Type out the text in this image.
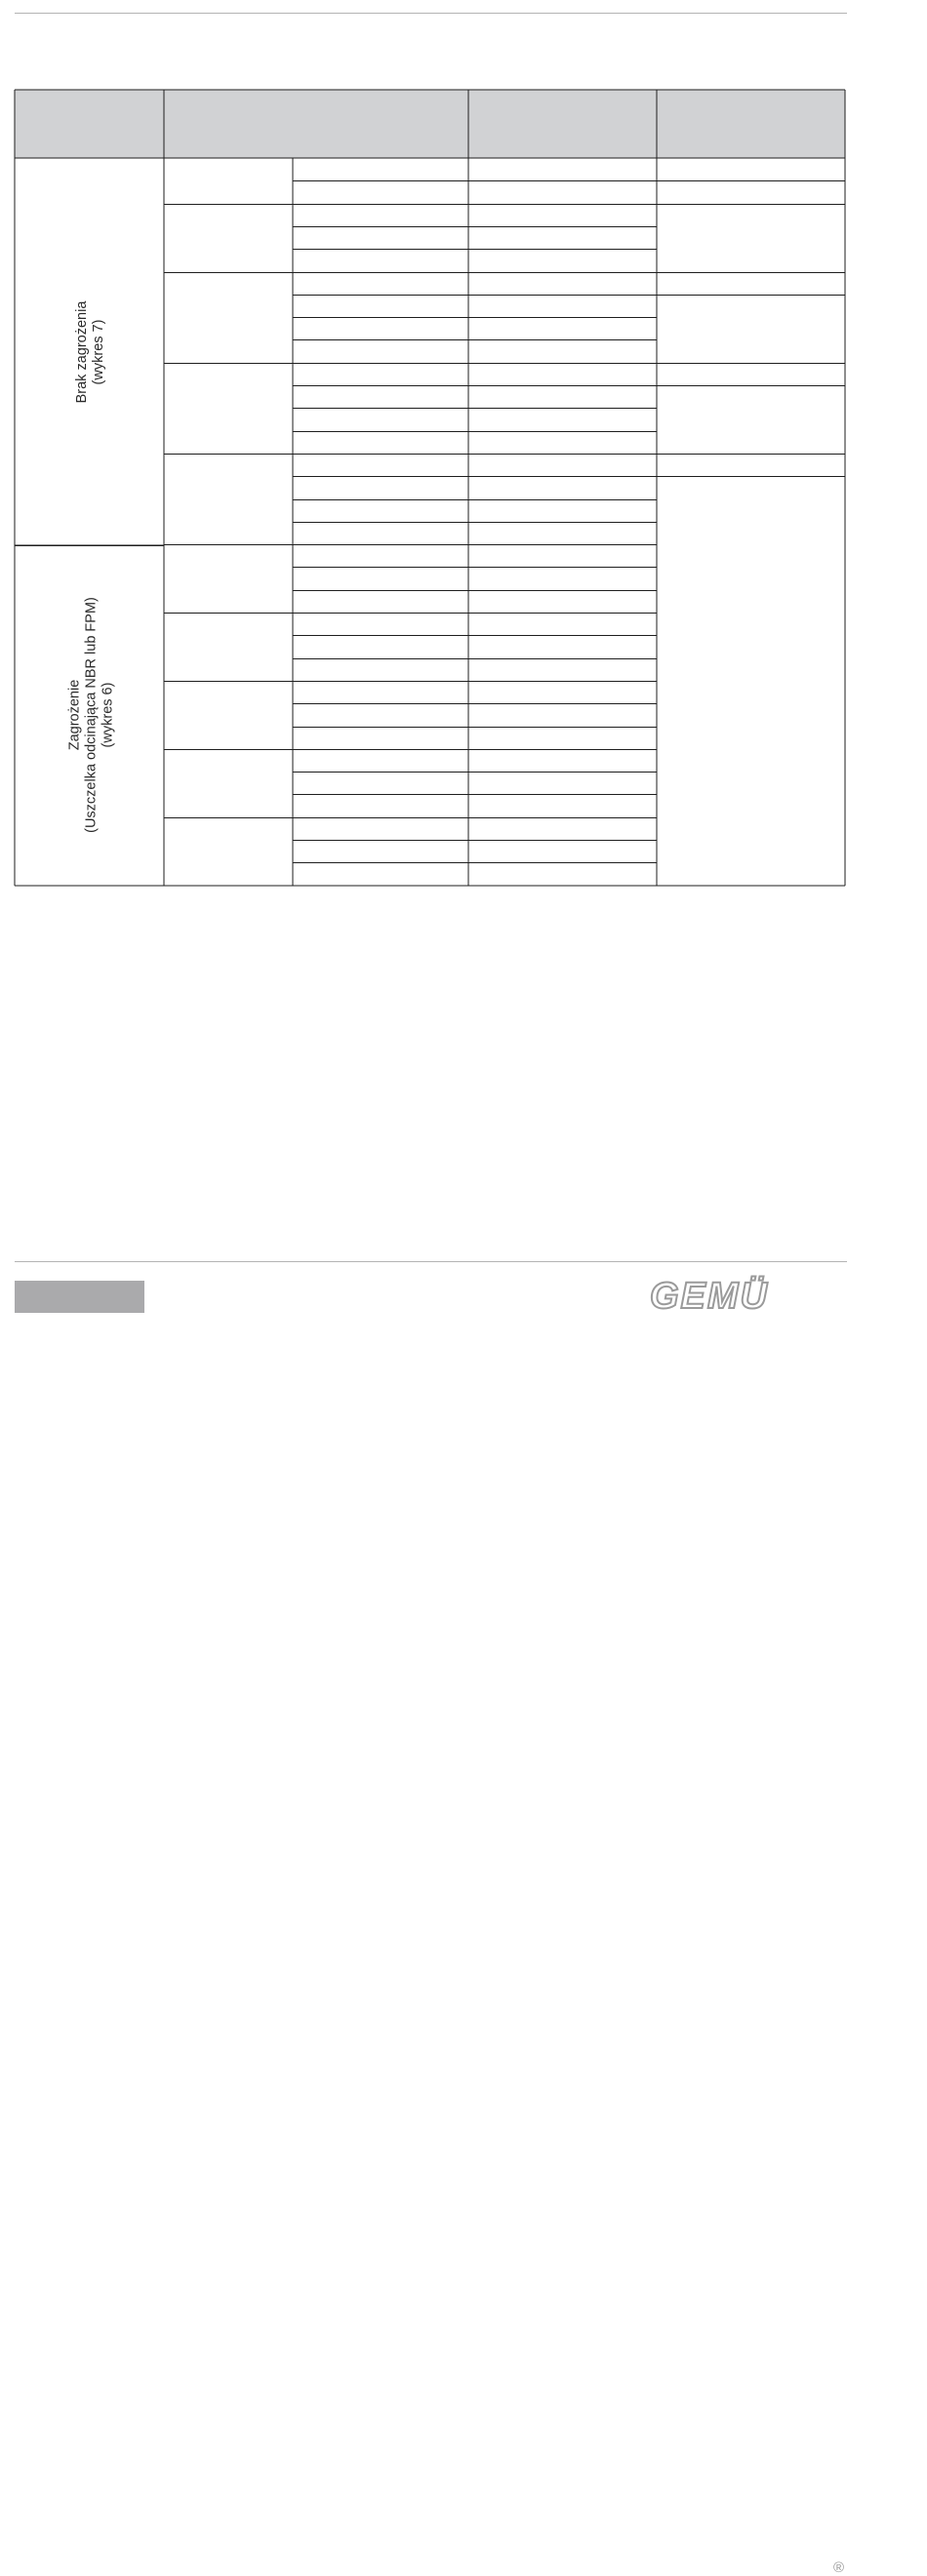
Brak zagrożenia (wykres 7)
Zagrożenie (Uszczelka odcinająca NBR lub FPM) (wykres 6)
GEMÜ
®
